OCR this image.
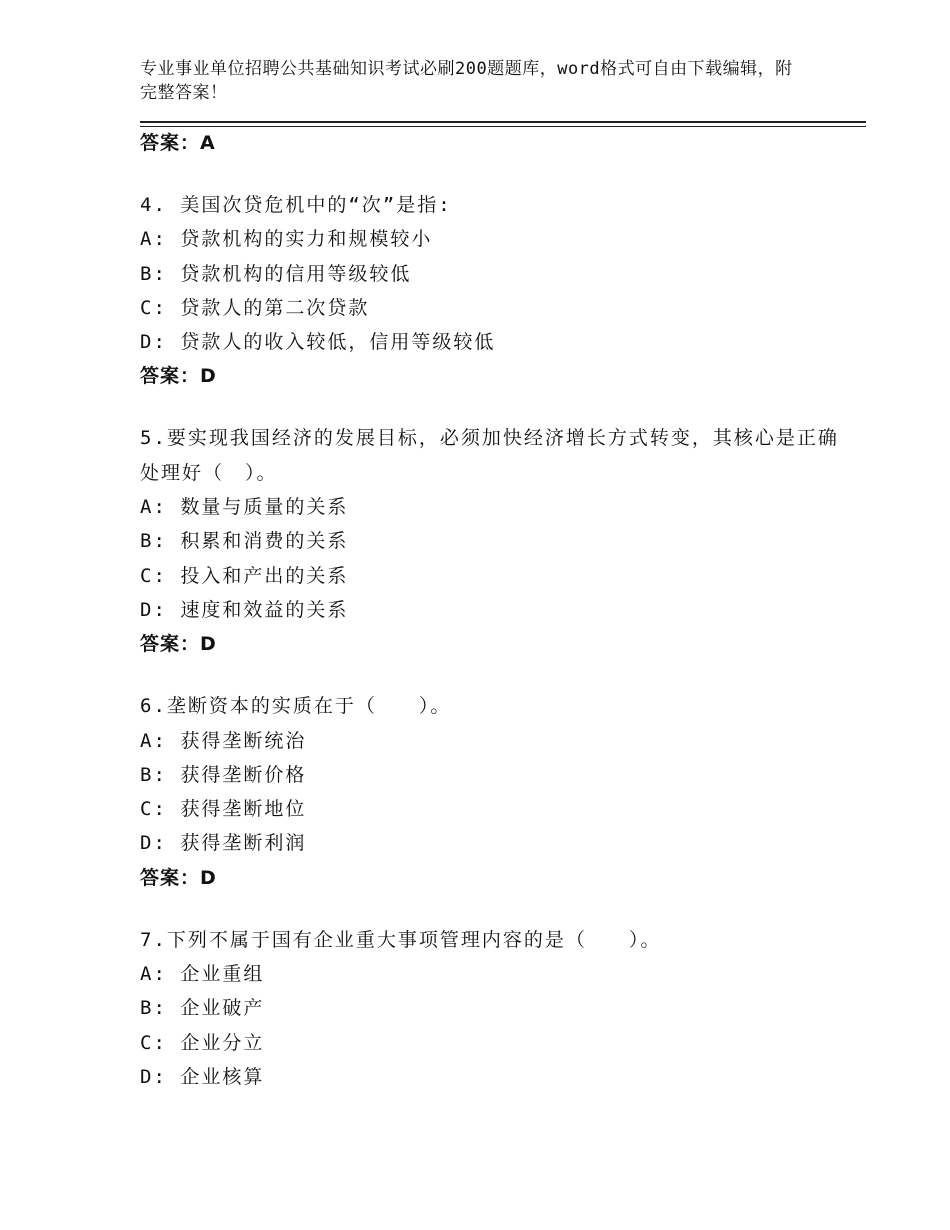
专业事业单位招聘公共基础知识考试必刷200题题库，word格式可自由下载编辑，附完整答案！
答案：A
4. 美国次贷危机中的“次”是指:
A: 贷款机构的实力和规模较小
B: 贷款机构的信用等级较低
C: 贷款人的第二次贷款
D: 贷款人的收入较低，信用等级较低
答案：D
5.要实现我国经济的发展目标，必须加快经济增长方式转变，其核心是正确处理好（　）。
A: 数量与质量的关系
B: 积累和消费的关系
C: 投入和产出的关系
D: 速度和效益的关系
答案：D
6.垄断资本的实质在于（　　）。
A: 获得垄断统治
B: 获得垄断价格
C: 获得垄断地位
D: 获得垄断利润
答案：D
7.下列不属于国有企业重大事项管理内容的是（　　）。
A: 企业重组
B: 企业破产
C: 企业分立
D: 企业核算
